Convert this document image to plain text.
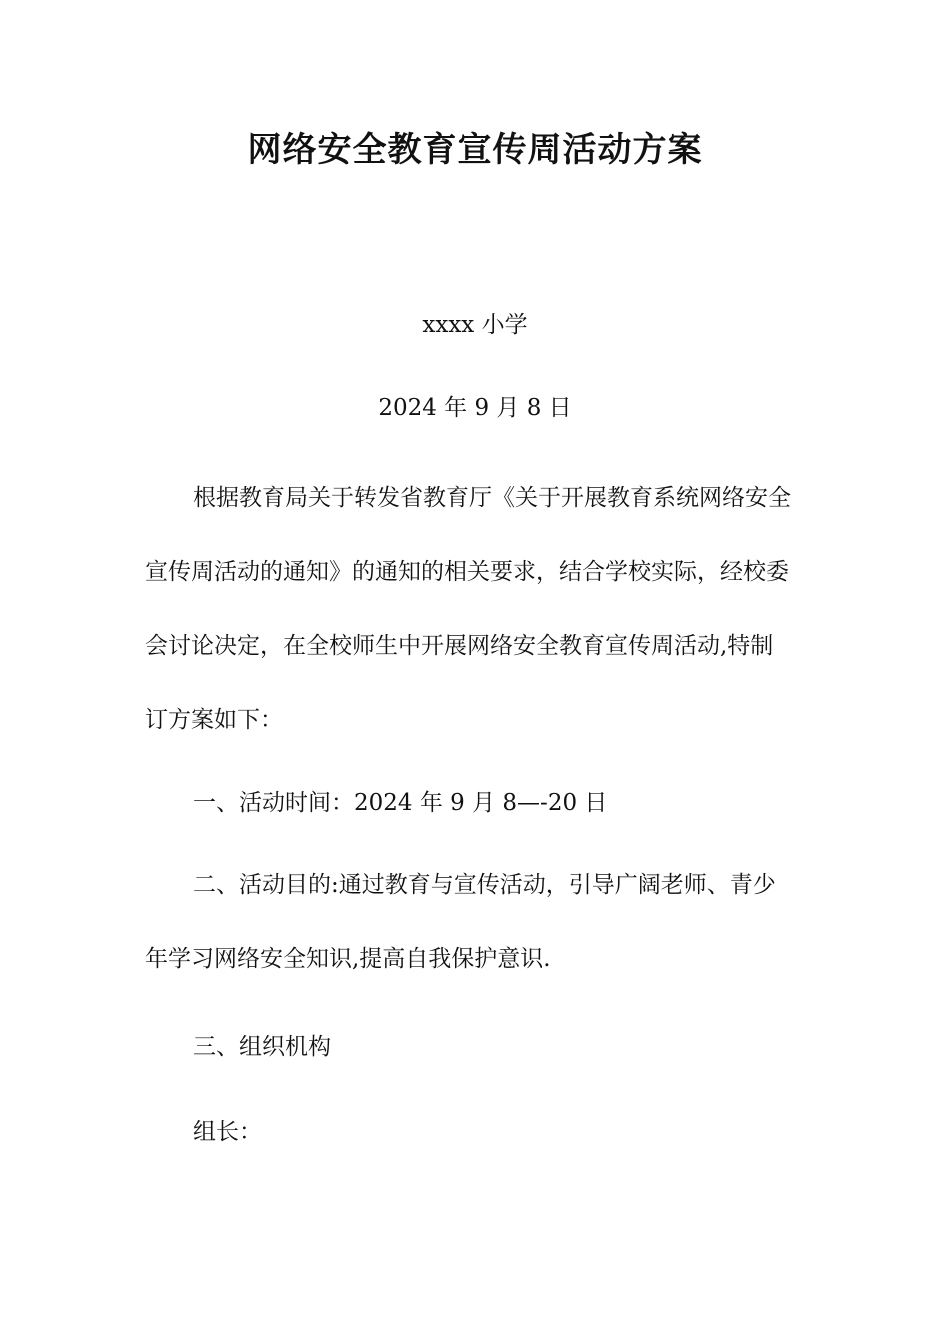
网络安全教育宣传周活动方案
xxxx 小学
2024 年 9 月 8 日

根据教育局关于转发省教育厅《关于开展教育系统网络安全宣传周活动的通知》的通知的相关要求，结合学校实际，经校委会讨论决定，在全校师生中开展网络安全教育宣传周活动,特制订方案如下：

一、活动时间：2024 年 9 月 8—-20 日

二、活动目的:通过教育与宣传活动，引导广阔老师、青少年学习网络安全知识,提高自我保护意识.

三、组织机构

组长：
